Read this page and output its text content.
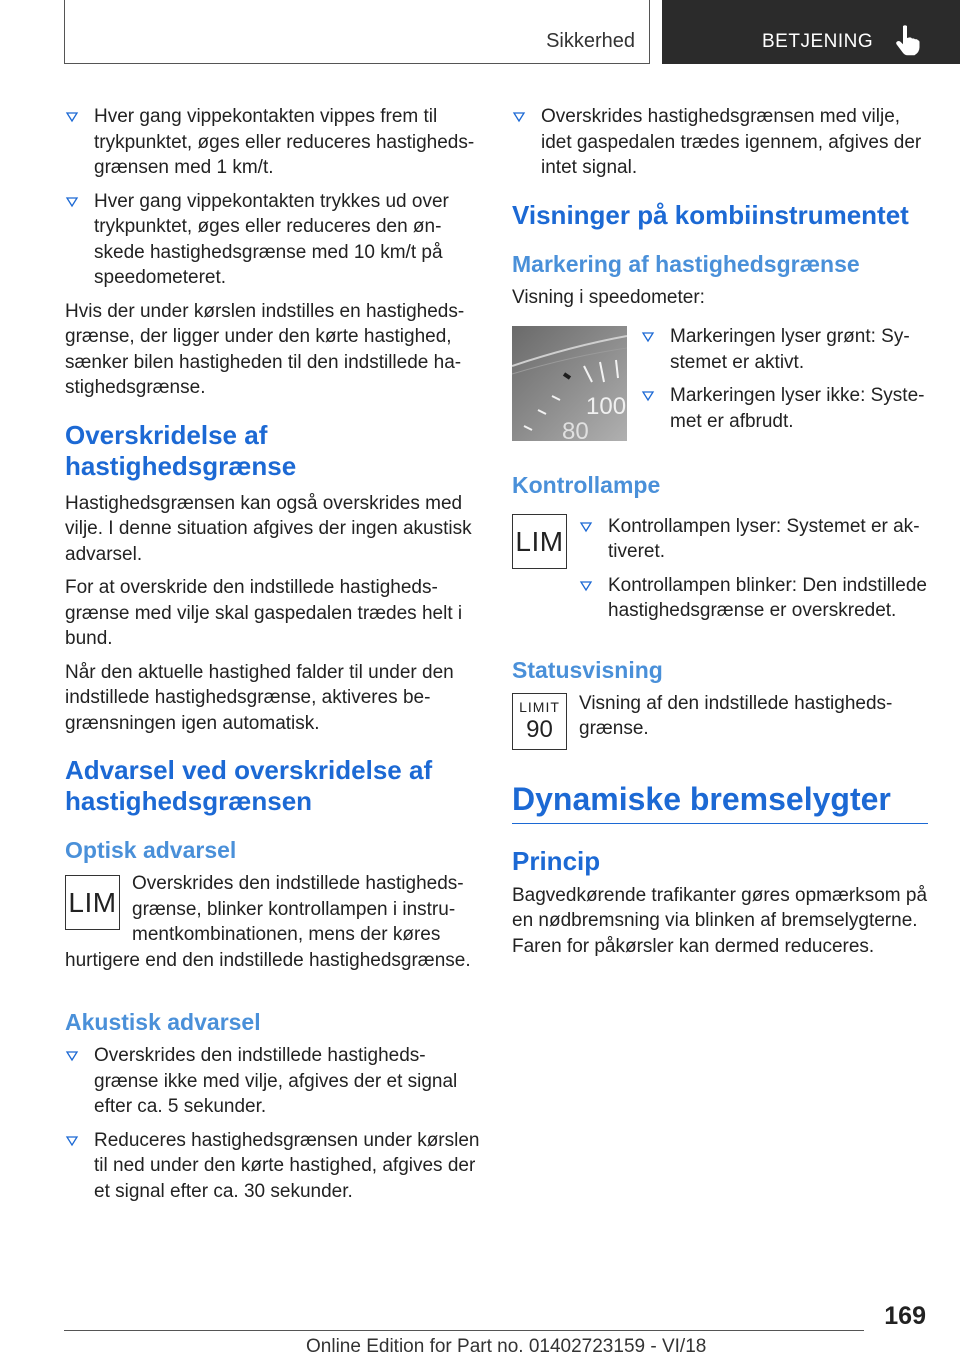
Sikkerhed	BETJENING
Hver gang vippekontakten vippes frem til trykpunktet, øges eller reduceres hastighedsgrænsen med 1 km/t.
Hver gang vippekontakten trykkes ud over trykpunktet, øges eller reduceres den ønskede hastighedsgrænse med 10 km/t på speedometeret.

Hvis der under kørslen indstilles en hastighedsgrænse, der ligger under den kørte hastighed, sænker bilen hastigheden til den indstillede hastighedsgrænse.

Overskridelse af hastighedsgrænse

Hastighedsgrænsen kan også overskrides med vilje. I denne situation afgives der ingen akustisk advarsel.

For at overskride den indstillede hastighedsgrænse med vilje skal gaspedalen trædes helt i bund.

Når den aktuelle hastighed falder til under den indstillede hastighedsgrænse, aktiveres begrænsningen igen automatisk.

Advarsel ved overskridelse af hastighedsgrænsen
Optisk advarsel
LIM

Overskrides den indstillede hastighedsgrænse, blinker kontrollampen i instrumentkombinationen, mens der køres hurtigere end den indstillede hastighedsgrænse.

Akustisk advarsel
Overskrides den indstillede hastighedsgrænse ikke med vilje, afgives der et signal efter ca. 5 sekunder.
Reduceres hastighedsgrænsen under kørslen til ned under den kørte hastighed, afgives der et signal efter ca. 30 sekunder.
Overskrides hastighedsgrænsen med vilje, idet gaspedalen trædes igennem, afgives der intet signal.
Visninger på kombiinstrumentet
Markering af hastighedsgrænse

Visning i speedometer:

100
80
Markeringen lyser grønt: Systemet er aktivt.
Markeringen lyser ikke: Systemet er afbrudt.
Kontrollampe
LIM	Kontrollampen lyser: Systemet er aktiveret.
Kontrollampen blinker: Den indstillede hastighedsgrænse er overskredet.
Statusvisning
LIMIT
90

Visning af den indstillede hastighedsgrænse.

Dynamiske bremselygter
Princip

Bagvedkørende trafikanter gøres opmærksom på en nødbremsning via blinken af bremselygterne. Faren for påkørsler kan dermed reduceres.

169
Online Edition for Part no. 01402723159 - VI/18
